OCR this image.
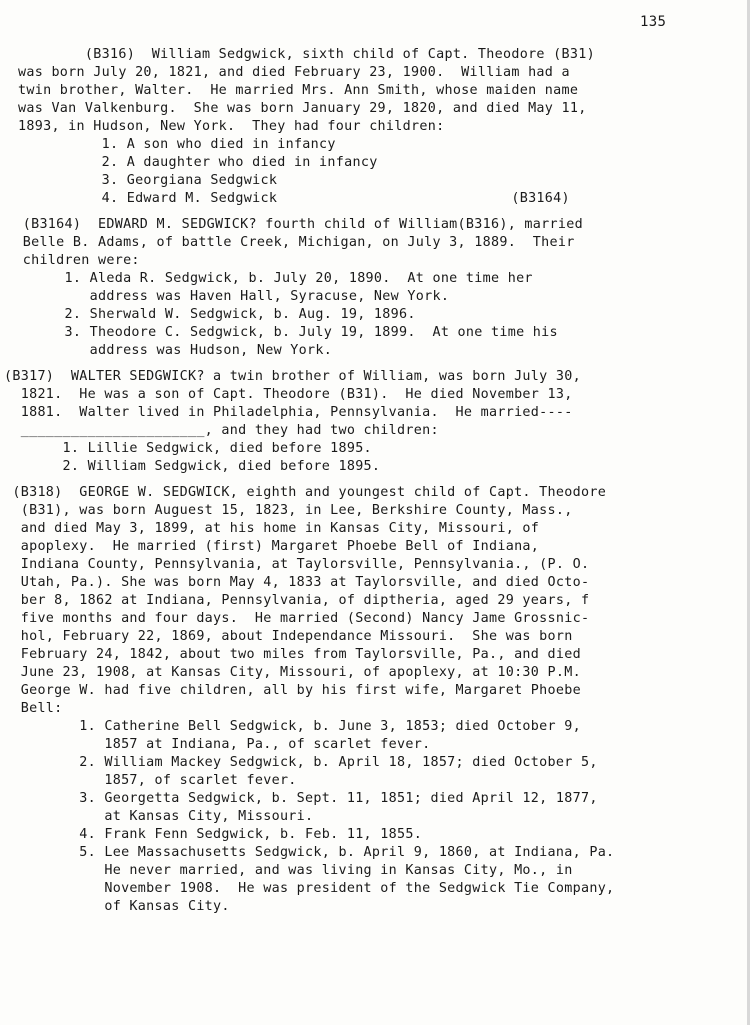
135
(B316)  William Sedgwick, sixth child of Capt. Theodore (B31)
was born July 20, 1821, and died February 23, 1900.  William had a
twin brother, Walter.  He married Mrs. Ann Smith, whose maiden name
was Van Valkenburg.  She was born January 29, 1820, and died May 11,
1893, in Hudson, New York.  They had four children:
1. A son who died in infancy
2. A daughter who died in infancy
3. Georgiana Sedgwick
4. Edward M. Sedgwick                            (B3164)
(B3164)  EDWARD M. SEDGWICK? fourth child of William(B316), married
Belle B. Adams, of battle Creek, Michigan, on July 3, 1889.  Their
children were:
1. Aleda R. Sedgwick, b. July 20, 1890.  At one time her
address was Haven Hall, Syracuse, New York.
2. Sherwald W. Sedgwick, b. Aug. 19, 1896.
3. Theodore C. Sedgwick, b. July 19, 1899.  At one time his
address was Hudson, New York.
(B317)  WALTER SEDGWICK? a twin brother of William, was born July 30,
1821.  He was a son of Capt. Theodore (B31).  He died November 13,
1881.  Walter lived in Philadelphia, Pennsylvania.  He married----
______________________, and they had two children:
1. Lillie Sedgwick, died before 1895.
2. William Sedgwick, died before 1895.
(B318)  GEORGE W. SEDGWICK, eighth and youngest child of Capt. Theodore
(B31), was born Auguest 15, 1823, in Lee, Berkshire County, Mass.,
and died May 3, 1899, at his home in Kansas City, Missouri, of
apoplexy.  He married (first) Margaret Phoebe Bell of Indiana,
Indiana County, Pennsylvania, at Taylorsville, Pennsylvania., (P. O.
Utah, Pa.). She was born May 4, 1833 at Taylorsville, and died Octo-
ber 8, 1862 at Indiana, Pennsylvania, of diptheria, aged 29 years, f
five months and four days.  He married (Second) Nancy Jame Grossnic-
hol, February 22, 1869, about Independance Missouri.  She was born
February 24, 1842, about two miles from Taylorsville, Pa., and died
June 23, 1908, at Kansas City, Missouri, of apoplexy, at 10:30 P.M.
George W. had five children, all by his first wife, Margaret Phoebe
Bell:
1. Catherine Bell Sedgwick, b. June 3, 1853; died October 9,
1857 at Indiana, Pa., of scarlet fever.
2. William Mackey Sedgwick, b. April 18, 1857; died October 5,
1857, of scarlet fever.
3. Georgetta Sedgwick, b. Sept. 11, 1851; died April 12, 1877,
at Kansas City, Missouri.
4. Frank Fenn Sedgwick, b. Feb. 11, 1855.
5. Lee Massachusetts Sedgwick, b. April 9, 1860, at Indiana, Pa.
He never married, and was living in Kansas City, Mo., in
November 1908.  He was president of the Sedgwick Tie Company,
of Kansas City.
